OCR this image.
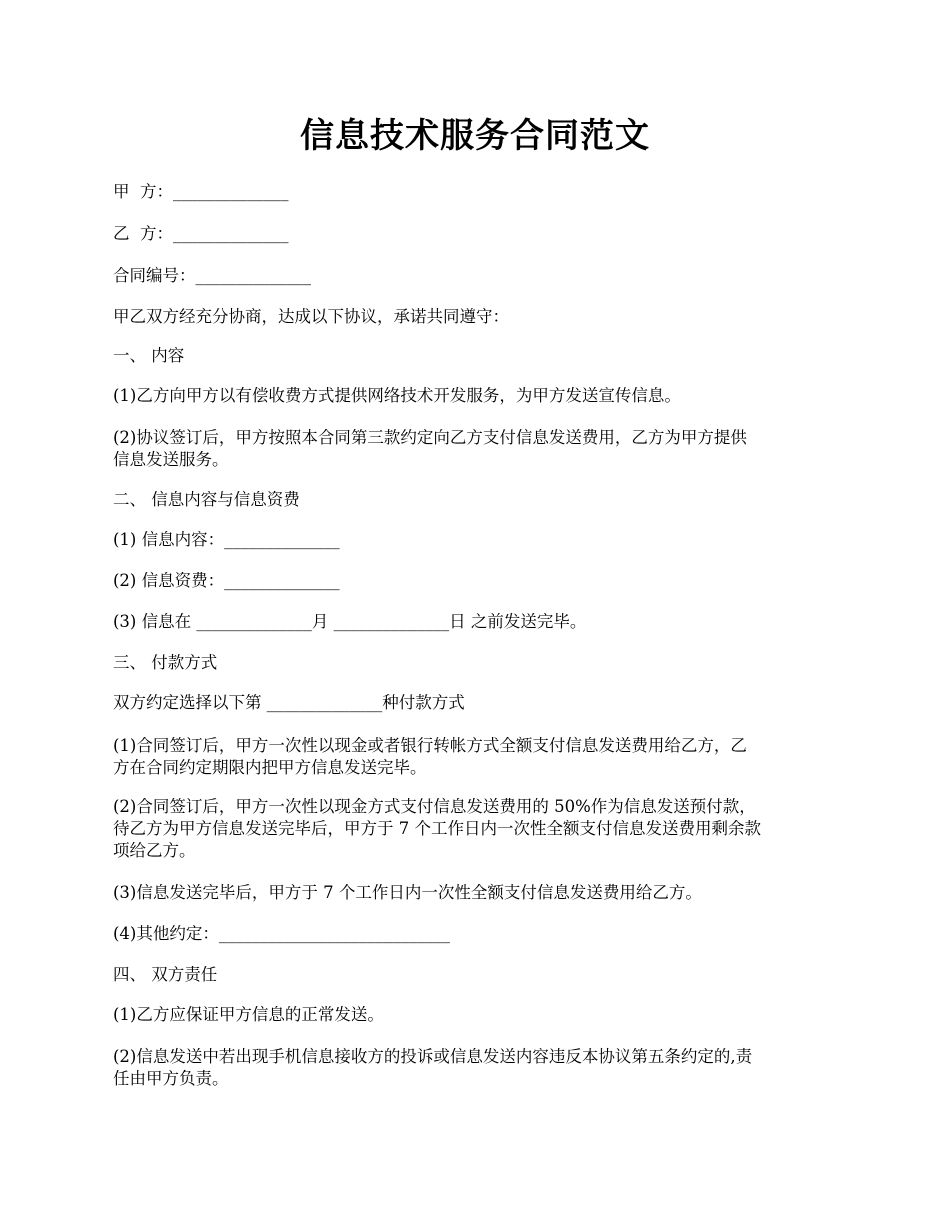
信息技术服务合同范文
甲  方：______________
乙  方：______________
合同编号：______________
甲乙双方经充分协商，达成以下协议，承诺共同遵守：
一、 内容
(1)乙方向甲方以有偿收费方式提供网络技术开发服务，为甲方发送宣传信息。
(2)协议签订后，甲方按照本合同第三款约定向乙方支付信息发送费用，乙方为甲方提供
信息发送服务。
二、 信息内容与信息资费
(1) 信息内容：______________
(2) 信息资费：______________
(3) 信息在 ______________月 ______________日 之前发送完毕。
三、 付款方式
双方约定选择以下第 ______________种付款方式
(1)合同签订后，甲方一次性以现金或者银行转帐方式全额支付信息发送费用给乙方，乙
方在合同约定期限内把甲方信息发送完毕。
(2)合同签订后，甲方一次性以现金方式支付信息发送费用的 50%作为信息发送预付款，
待乙方为甲方信息发送完毕后，甲方于 7 个工作日内一次性全额支付信息发送费用剩余款
项给乙方。
(3)信息发送完毕后，甲方于 7 个工作日内一次性全额支付信息发送费用给乙方。
(4)其他约定：____________________________
四、 双方责任
(1)乙方应保证甲方信息的正常发送。
(2)信息发送中若出现手机信息接收方的投诉或信息发送内容违反本协议第五条约定的,责
任由甲方负责。
